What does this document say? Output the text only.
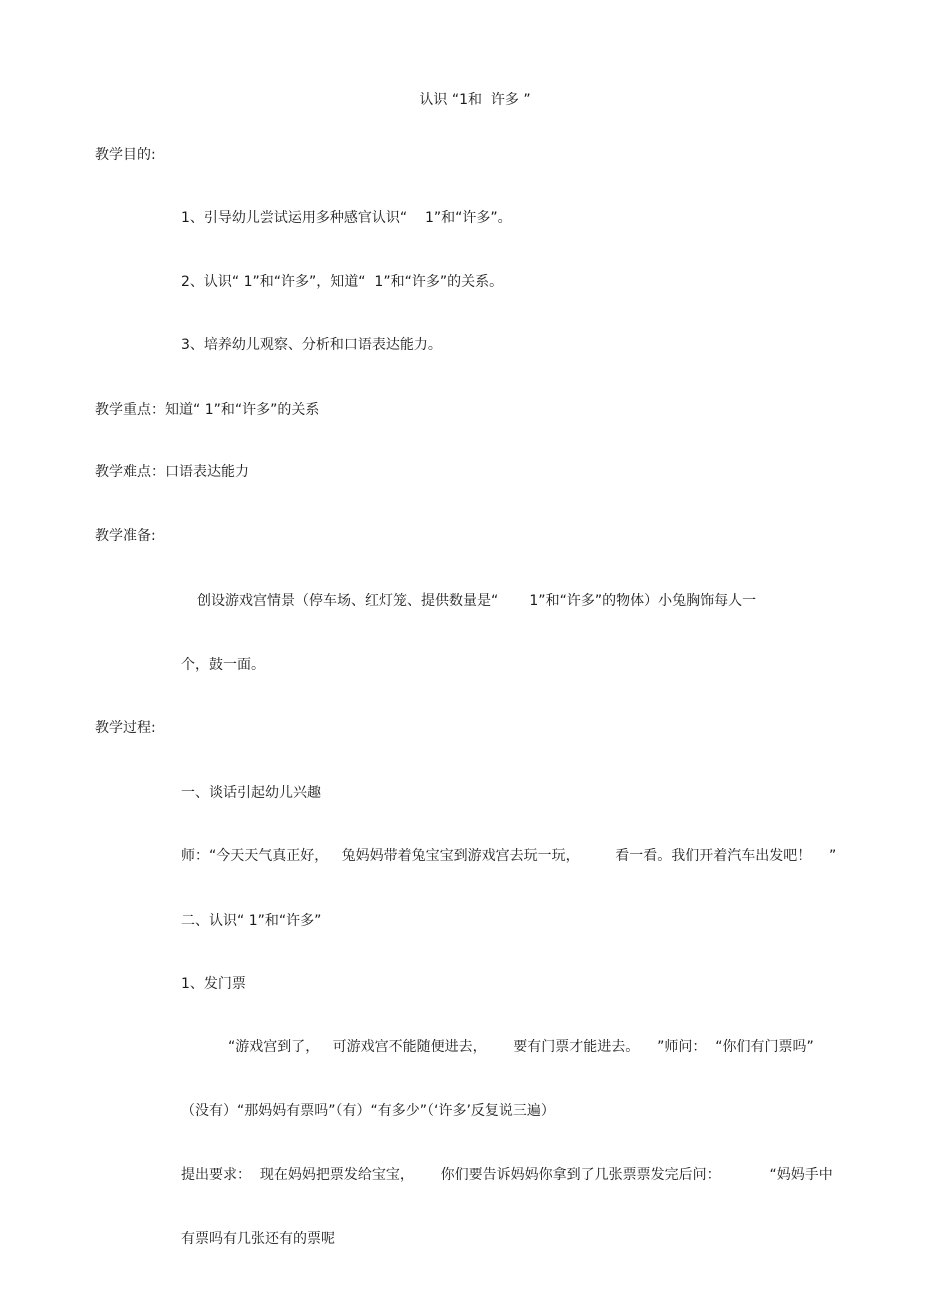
认识 “1和  许多 ”
教学目的:
1、引导幼儿尝试运用多种感官认识“    1”和“许多”。
2、认识“ 1”和“许多”，知道“  1”和“许多”的关系。
3、培养幼儿观察、分析和口语表达能力。
教学重点：知道“ 1”和“许多”的关系
教学难点：口语表达能力
教学准备:
创设游戏宫情景（停车场、红灯笼、提供数量是“       1”和“许多”的物体）小兔胸饰每人一
个，鼓一面。
教学过程:
一、谈话引起幼儿兴趣
师：“今天天气真正好，   兔妈妈带着兔宝宝到游戏宫去玩一玩，        看一看。我们开着汽车出发吧！    ”
二、认识“ 1”和“许多”
1、发门票
“游戏宫到了，   可游戏宫不能随便进去，      要有门票才能进去。    ”师问：  “你们有门票吗”
（没有）“那妈妈有票吗”（有）“有多少”（‘许多’反复说三遍）
提出要求：  现在妈妈把票发给宝宝，      你们要告诉妈妈你拿到了几张票票发完后问：           “妈妈手中
有票吗有几张还有的票呢
